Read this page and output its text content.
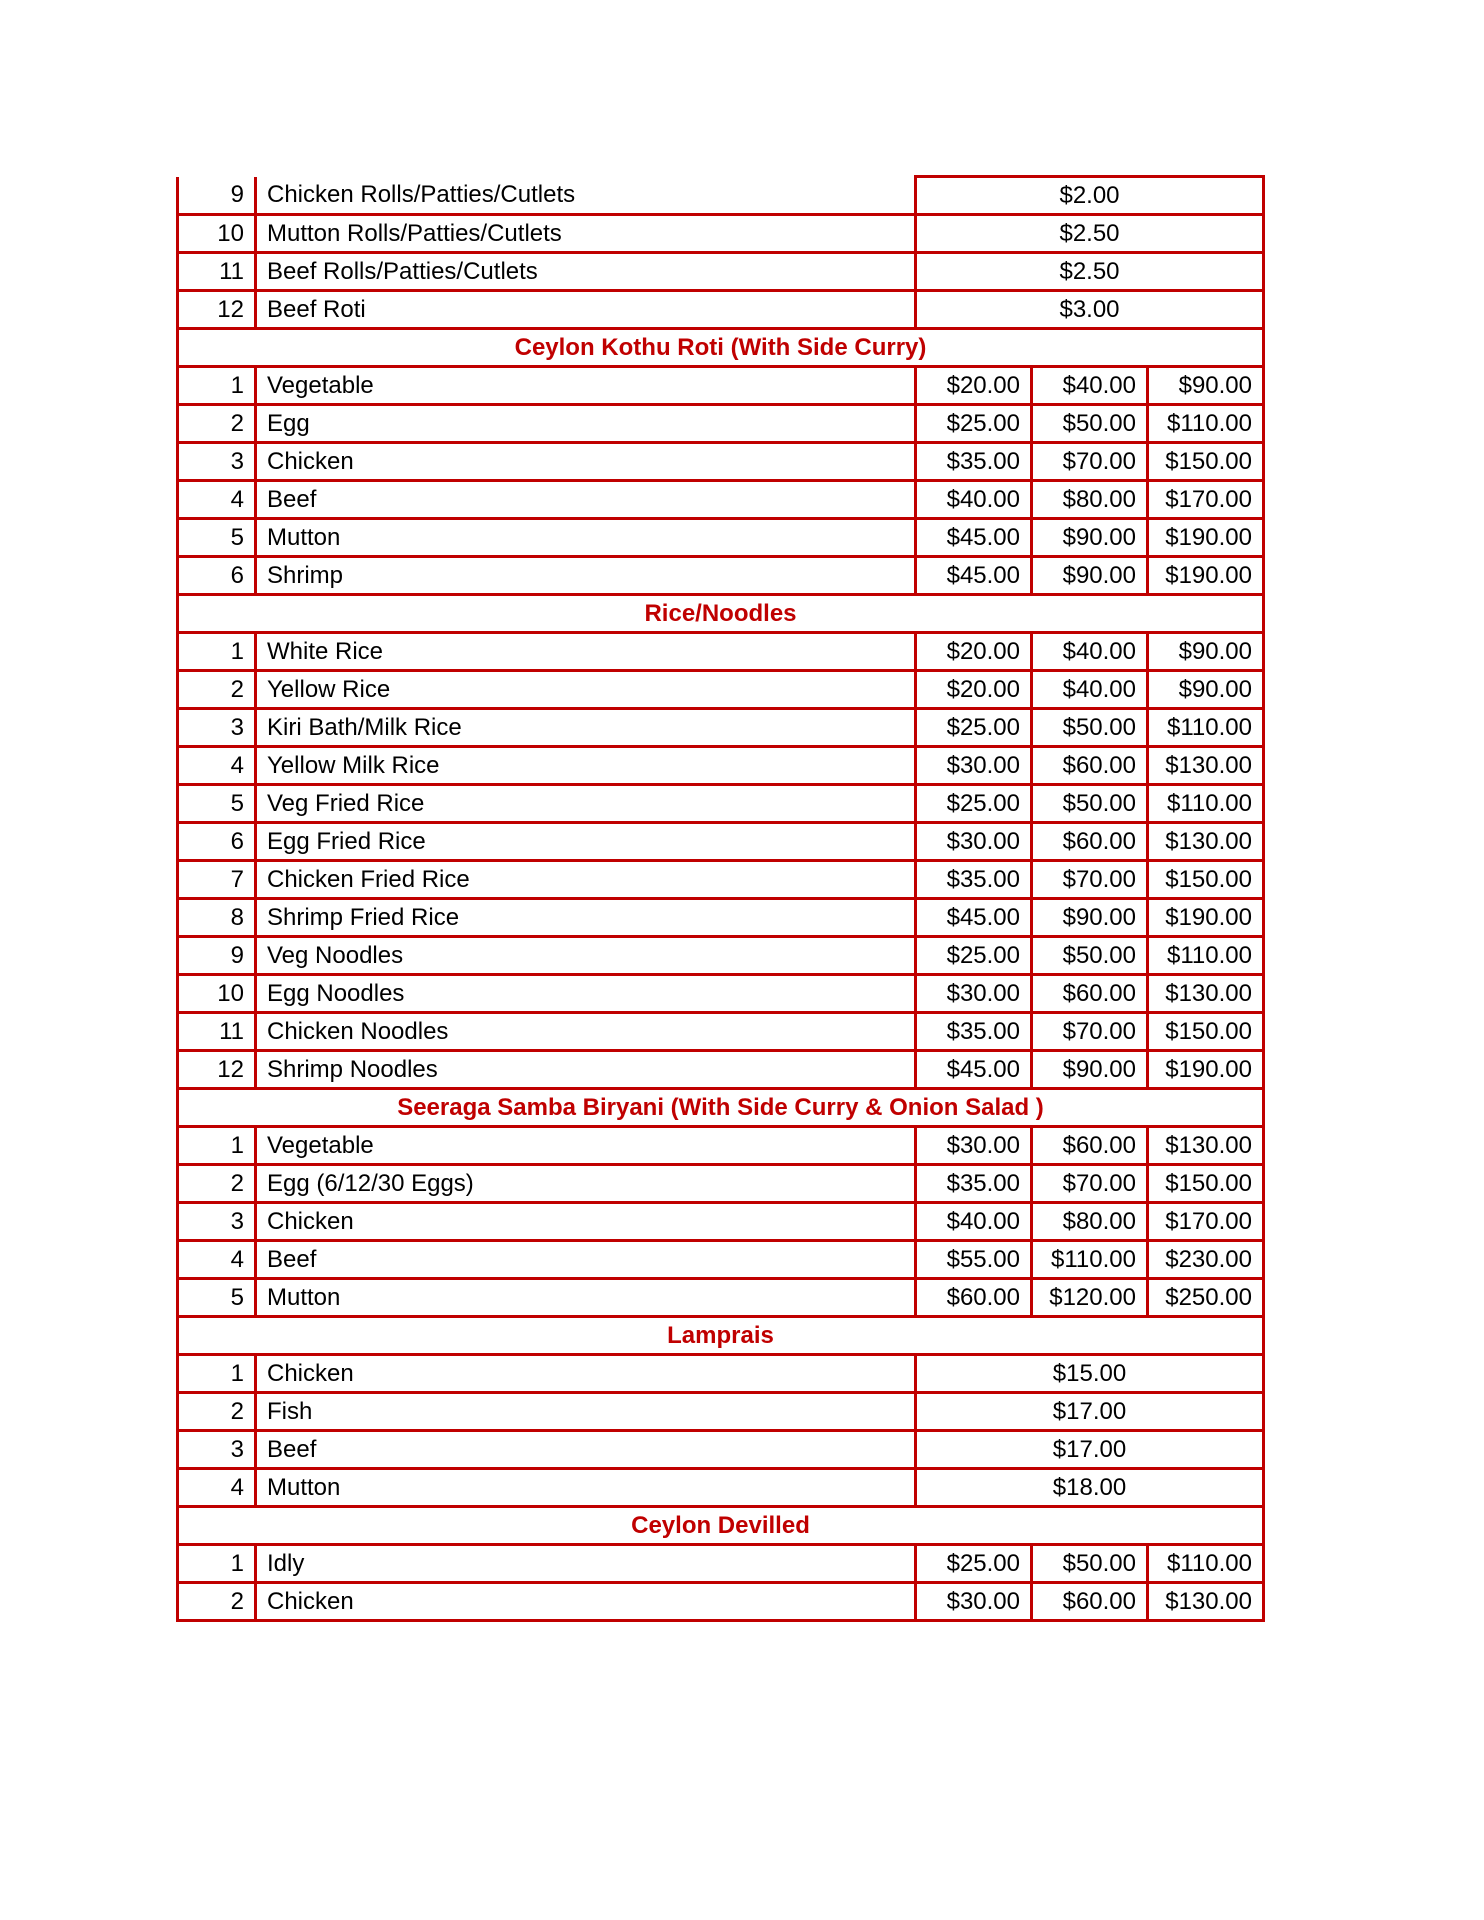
9	Chicken Rolls/Patties/Cutlets	$2.00		
10	Mutton Rolls/Patties/Cutlets	$2.50		
11	Beef Rolls/Patties/Cutlets	$2.50		
12	Beef Roti	$3.00		
Ceylon Kothu Roti (With Side Curry)				
1	Vegetable	$20.00	$40.00	$90.00
2	Egg	$25.00	$50.00	$110.00
3	Chicken	$35.00	$70.00	$150.00
4	Beef	$40.00	$80.00	$170.00
5	Mutton	$45.00	$90.00	$190.00
6	Shrimp	$45.00	$90.00	$190.00
Rice/Noodles				
1	White Rice	$20.00	$40.00	$90.00
2	Yellow Rice	$20.00	$40.00	$90.00
3	Kiri Bath/Milk Rice	$25.00	$50.00	$110.00
4	Yellow Milk Rice	$30.00	$60.00	$130.00
5	Veg Fried Rice	$25.00	$50.00	$110.00
6	Egg Fried Rice	$30.00	$60.00	$130.00
7	Chicken Fried Rice	$35.00	$70.00	$150.00
8	Shrimp Fried Rice	$45.00	$90.00	$190.00
9	Veg Noodles	$25.00	$50.00	$110.00
10	Egg Noodles	$30.00	$60.00	$130.00
11	Chicken Noodles	$35.00	$70.00	$150.00
12	Shrimp Noodles	$45.00	$90.00	$190.00
Seeraga Samba Biryani (With Side Curry & Onion Salad )				
1	Vegetable	$30.00	$60.00	$130.00
2	Egg (6/12/30 Eggs)	$35.00	$70.00	$150.00
3	Chicken	$40.00	$80.00	$170.00
4	Beef	$55.00	$110.00	$230.00
5	Mutton	$60.00	$120.00	$250.00
Lamprais				
1	Chicken	$15.00		
2	Fish	$17.00		
3	Beef	$17.00		
4	Mutton	$18.00		
Ceylon Devilled				
1	Idly	$25.00	$50.00	$110.00
2	Chicken	$30.00	$60.00	$130.00
